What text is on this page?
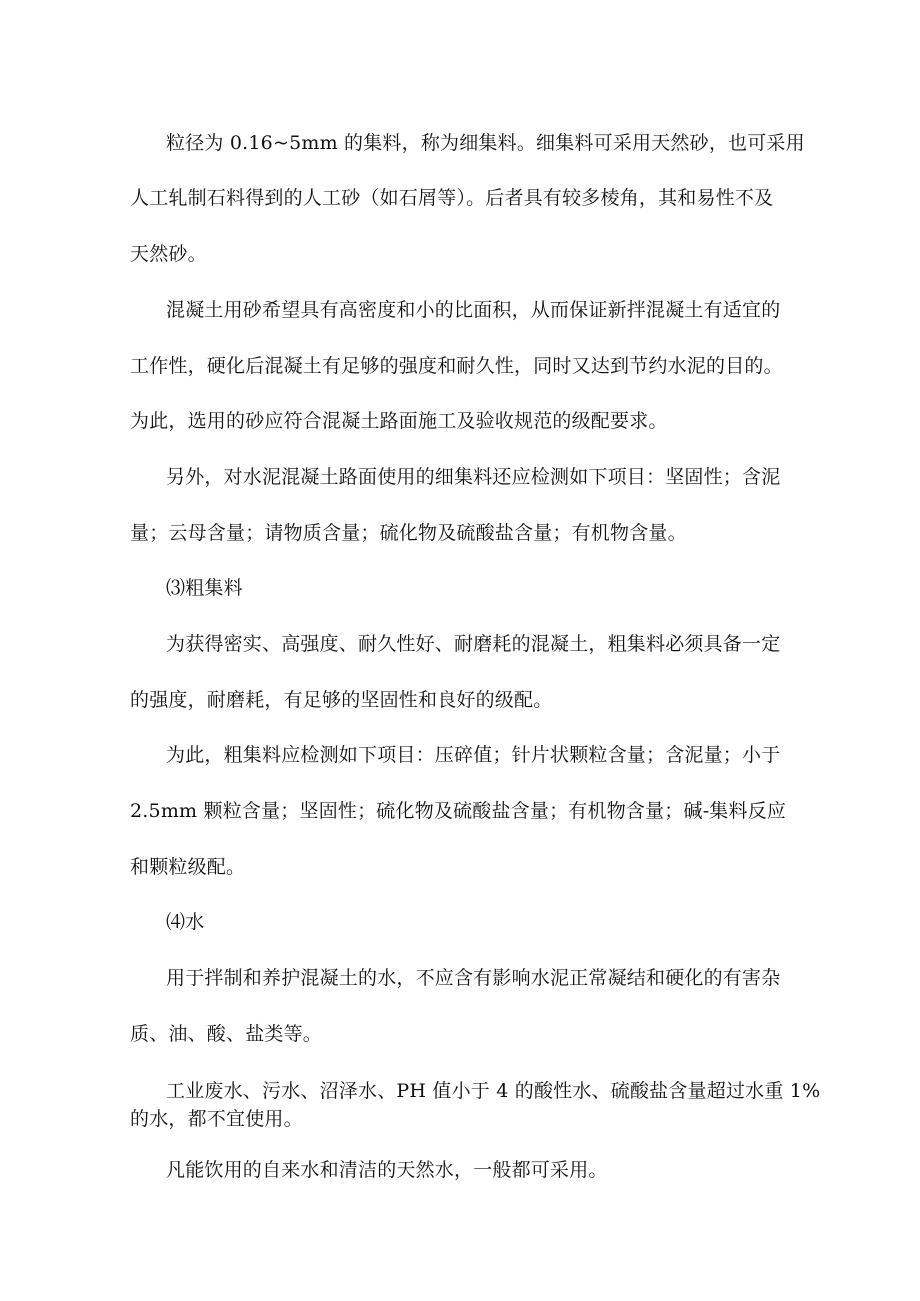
粒径为 0.16~5mm 的集料，称为细集料。细集料可采用天然砂，也可采用
人工轧制石料得到的人工砂（如石屑等）。后者具有较多棱角，其和易性不及
天然砂。
混凝土用砂希望具有高密度和小的比面积，从而保证新拌混凝土有适宜的
工作性，硬化后混凝土有足够的强度和耐久性，同时又达到节约水泥的目的。
为此，选用的砂应符合混凝土路面施工及验收规范的级配要求。
另外，对水泥混凝土路面使用的细集料还应检测如下项目：坚固性；含泥
量；云母含量；请物质含量；硫化物及硫酸盐含量；有机物含量。
⑶粗集料
为获得密实、高强度、耐久性好、耐磨耗的混凝土，粗集料必须具备一定
的强度，耐磨耗，有足够的坚固性和良好的级配。
为此，粗集料应检测如下项目：压碎值；针片状颗粒含量；含泥量；小于
2.5mm 颗粒含量；坚固性；硫化物及硫酸盐含量；有机物含量；碱-集料反应
和颗粒级配。
⑷水
用于拌制和养护混凝土的水，不应含有影响水泥正常凝结和硬化的有害杂
质、油、酸、盐类等。
工业废水、污水、沼泽水、PH 值小于 4 的酸性水、硫酸盐含量超过水重 1%
的水，都不宜使用。
凡能饮用的自来水和清洁的天然水，一般都可采用。
